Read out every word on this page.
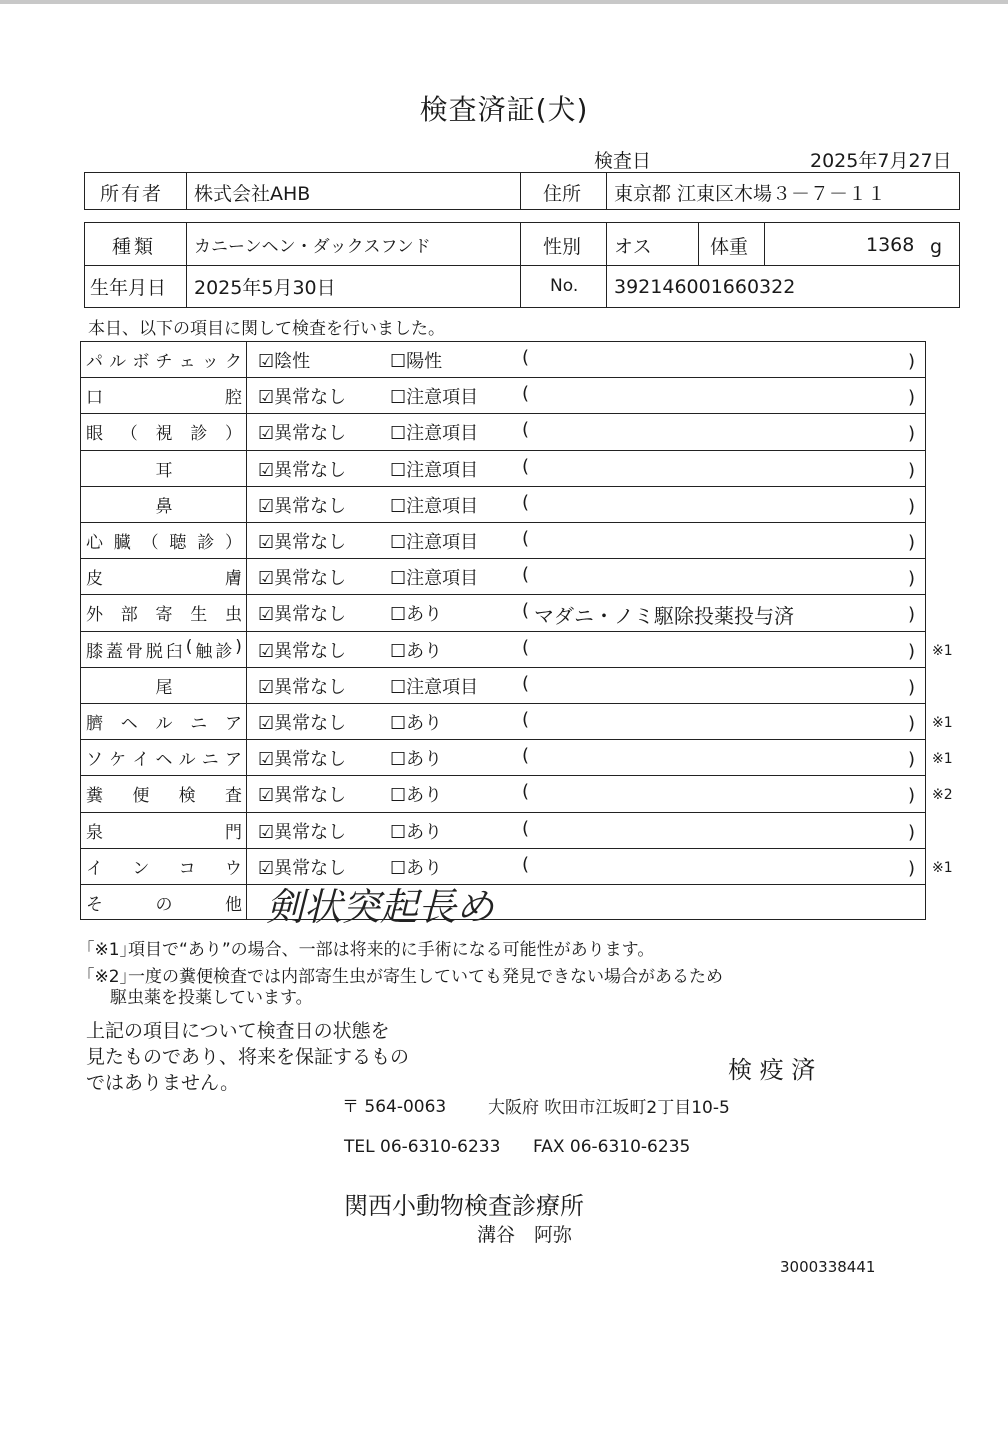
検査済証(犬)
検査日	2025年7月27日
所有者 株式会社AHB	住所 東京都 江東区木場３－７－１１
種類 カニーンヘン・ダックスフンド	性別 オス	体重	1368 g
生年月日 2025年5月30日	No. 392146001660322
本日、以下の項目に関して検査を行いました。
パ ル ボ チ ェ ッ ク ☑陰性	☐陽性	(	)
口	腔 ☑異常なし ☐注意項目 (	)
眼 （ 視 診 ） ☑異常なし ☐注意項目 (	)
耳	☑異常なし ☐注意項目 (	)
鼻	☑異常なし ☐注意項目 (	)
心 臓 （ 聴 診 ） ☑異常なし ☐注意項目 (	)
皮	膚 ☑異常なし ☐注意項目 (	)
外 部 寄 生 虫 ☑異常なし ☐あり	( マダニ・ノミ駆除投薬投与済	)
膝 蓋 骨 脱 臼 ( 触 診 ) ☑異常なし ☐あり	(	) ※1
尾	☑異常なし ☐注意項目 (	)
臍 ヘ ル ニ ア ☑異常なし ☐あり	(	) ※1
ソ ケ イ ヘ ル ニ ア ☑異常なし ☐あり	(	) ※1
糞 便 検 査 ☑異常なし ☐あり	(	) ※2
泉	門 ☑異常なし ☐あり	(	)
イ ン コ ウ ☑異常なし ☐あり	(	) ※1
そ	の	他 剣状突起長め
｢※1｣項目で“あり”の場合、一部は将来的に手術になる可能性があります。
｢※2｣一度の糞便検査では内部寄生虫が寄生していても発見できない場合があるため
駆虫薬を投薬しています。
上記の項目について検査日の状態を
見たものであり、将来を保証するもの
ではありません。	検 疫 済
〒 564-0063 大阪府 吹田市江坂町2丁目10-5
TEL 06-6310-6233 FAX 06-6310-6235
関西小動物検査診療所
溝谷　阿弥
3000338441
